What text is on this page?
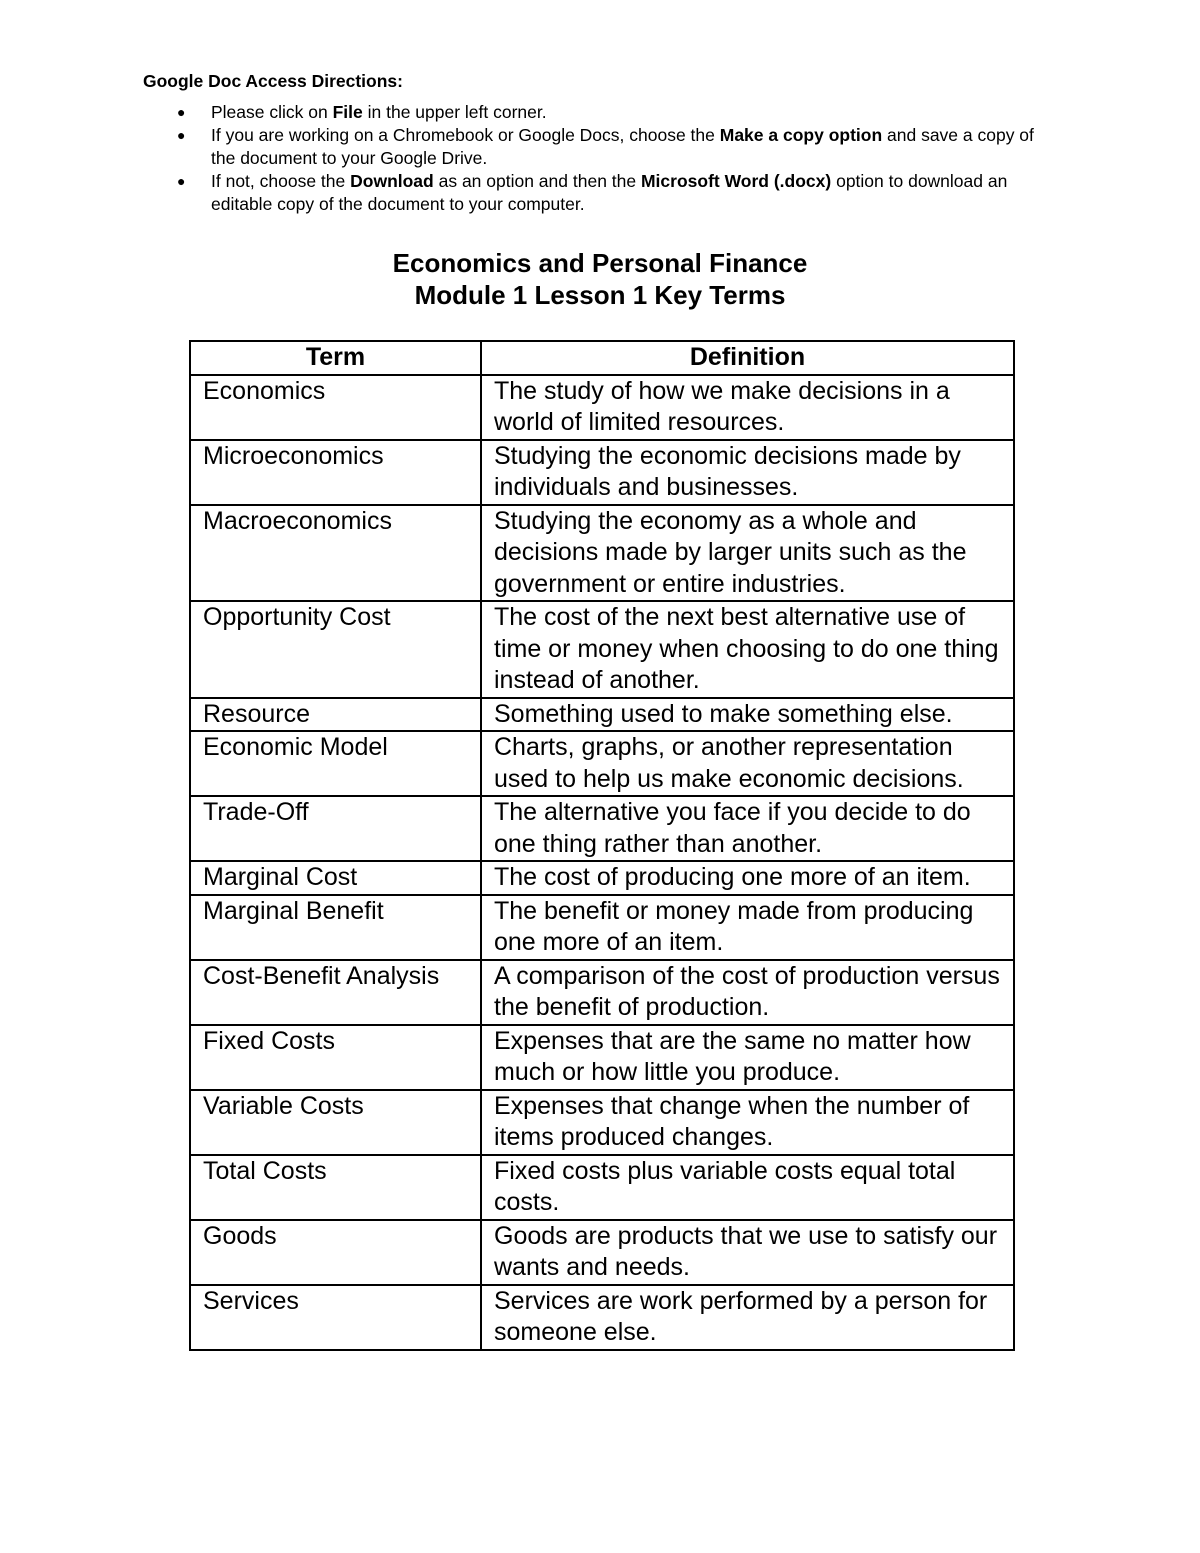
Google Doc Access Directions:

● Please click on File in the upper left corner.
● If you are working on a Chromebook or Google Docs, choose the Make a copy option and save a copy of the document to your Google Drive.
● If not, choose the Download as an option and then the Microsoft Word (.docx) option to download an editable copy of the document to your computer.
Economics and Personal Finance
Module 1 Lesson 1 Key Terms
Term	Definition
Economics	The study of how we make decisions in a world of limited resources.
Microeconomics	Studying the economic decisions made by individuals and businesses.
Macroeconomics	Studying the economy as a whole and decisions made by larger units such as the government or entire industries.
Opportunity Cost	The cost of the next best alternative use of time or money when choosing to do one thing instead of another.
Resource	Something used to make something else.
Economic Model	Charts, graphs, or another representation used to help us make economic decisions.
Trade-Off	The alternative you face if you decide to do one thing rather than another.
Marginal Cost	The cost of producing one more of an item.
Marginal Benefit	The benefit or money made from producing one more of an item.
Cost-Benefit Analysis	A comparison of the cost of production versus the benefit of production.
Fixed Costs	Expenses that are the same no matter how much or how little you produce.
Variable Costs	Expenses that change when the number of items produced changes.
Total Costs	Fixed costs plus variable costs equal total costs.
Goods	Goods are products that we use to satisfy our wants and needs.
Services	Services are work performed by a person for someone else.
